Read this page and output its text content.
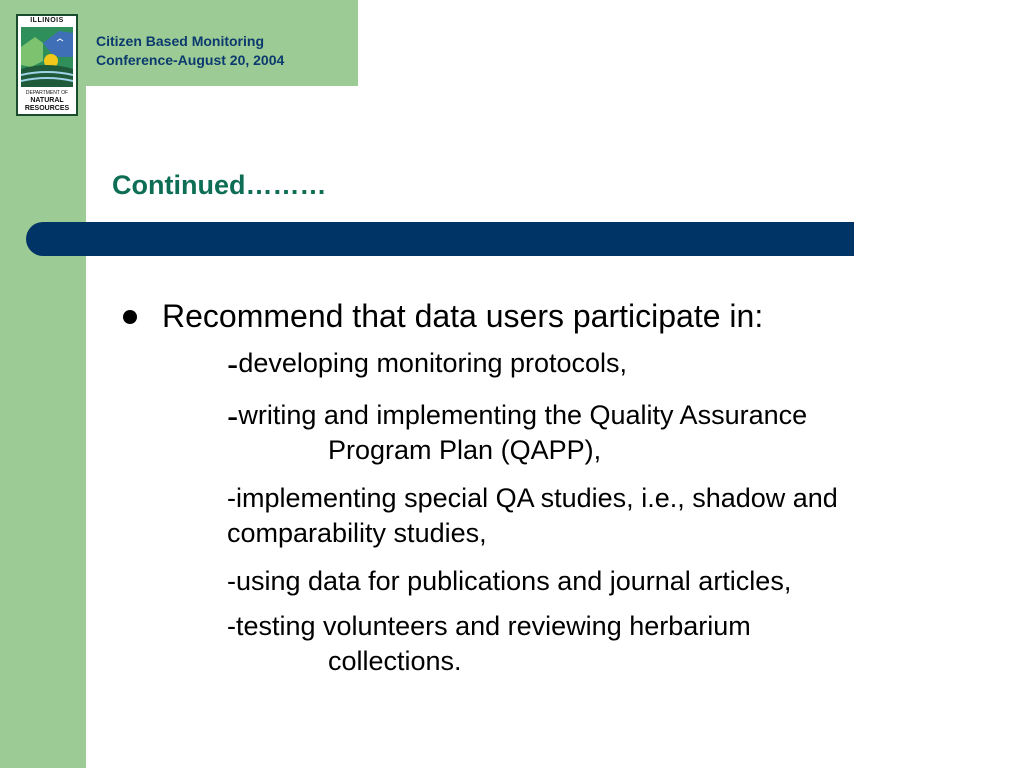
ILLINOIS
DEPARTMENT OF
NATURAL
RESOURCES
Citizen Based Monitoring
Conference-August 20, 2004
Continued………
Recommend that data users participate in:
-developing monitoring protocols,
-writing and implementing the Quality Assurance
Program Plan (QAPP),
-implementing special QA studies, i.e., shadow and comparability studies,
-using data for publications and journal articles,
-testing volunteers and reviewing herbarium
collections.
